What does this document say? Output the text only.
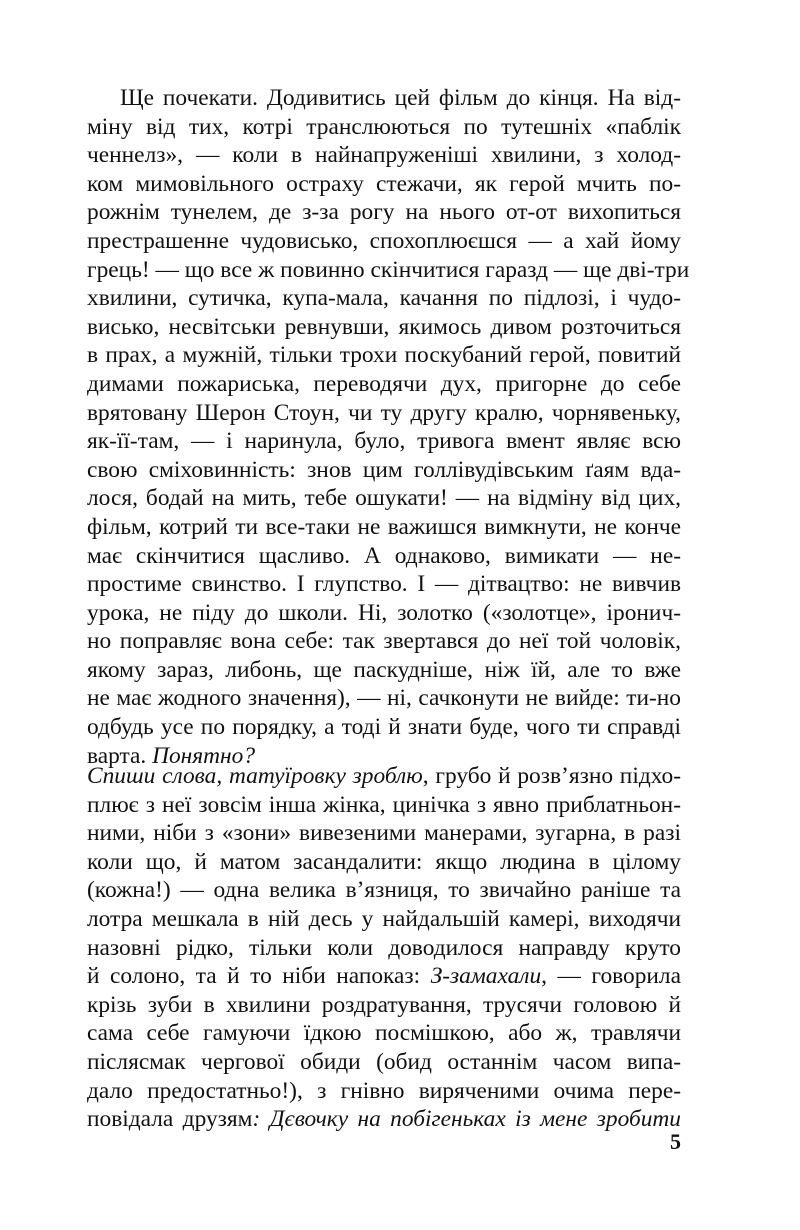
Ще почекати. Додивитись цей фільм до кінця. На від-
міну від тих, котрі транслюються по тутешніх «паблік
ченнелз», — коли в найнапруженіші хвилини, з холод-
ком мимовільного остраху стежачи, як герой мчить по-
рожнім тунелем, де з-за рогу на нього от-от вихопиться
престрашенне чудовисько, спохоплюєшся — а хай йому
грець! — що все ж повинно скінчитися гаразд — ще дві-три
хвилини, сутичка, купа-мала, качання по підлозі, і чудо-
висько, несвітськи ревнувши, якимось дивом розточиться
в прах, а мужній, тільки трохи поскубаний герой, повитий
димами пожариська, переводячи дух, пригорне до себе
врятовану Шерон Стоун, чи ту другу кралю, чорнявеньку,
як-її-там, — і наринула, було, тривога вмент являє всю
свою сміховинність: знов цим голлівудівським ґаям вда-
лося, бодай на мить, тебе ошукати! — на відміну від цих,
фільм, котрий ти все-таки не важишся вимкнути, не конче
має скінчитися щасливо. А однаково, вимикати — не-
простиме свинство. І глупство. І — дітвацтво: не вивчив
урока, не піду до школи. Ні, золотко («золотце», іронич-
но поправляє вона себе: так звертався до неї той чоловік,
якому зараз, либонь, ще паскудніше, ніж їй, але то вже
не має жодного значення), — ні, сачконути не вийде: ти-но
одбудь усе по порядку, а тоді й знати буде, чого ти справді
варта. Понятно?
Спиши слова, татуїровку зроблю, грубо й розв’язно підхо-
плює з неї зовсім інша жінка, цинічка з явно приблатньон-
ними, ніби з «зони» вивезеними манерами, зугарна, в разі
коли що, й матом засандалити: якщо людина в цілому
(кожна!) — одна велика в’язниця, то звичайно раніше та
лотра мешкала в ній десь у найдальшій камері, виходячи
назовні рідко, тільки коли доводилося направду круто
й солоно, та й то ніби напоказ: З-замахали, — говорила
крізь зуби в хвилини роздратування, трусячи головою й
сама себе гамуючи їдкою посмішкою, або ж, травлячи
післясмак чергової обиди (обид останнім часом випа-
дало предостатньо!), з гнівно виряченими очима пере-
повідала друзям: Дєвочку на побігеньках із мене зробити
5
